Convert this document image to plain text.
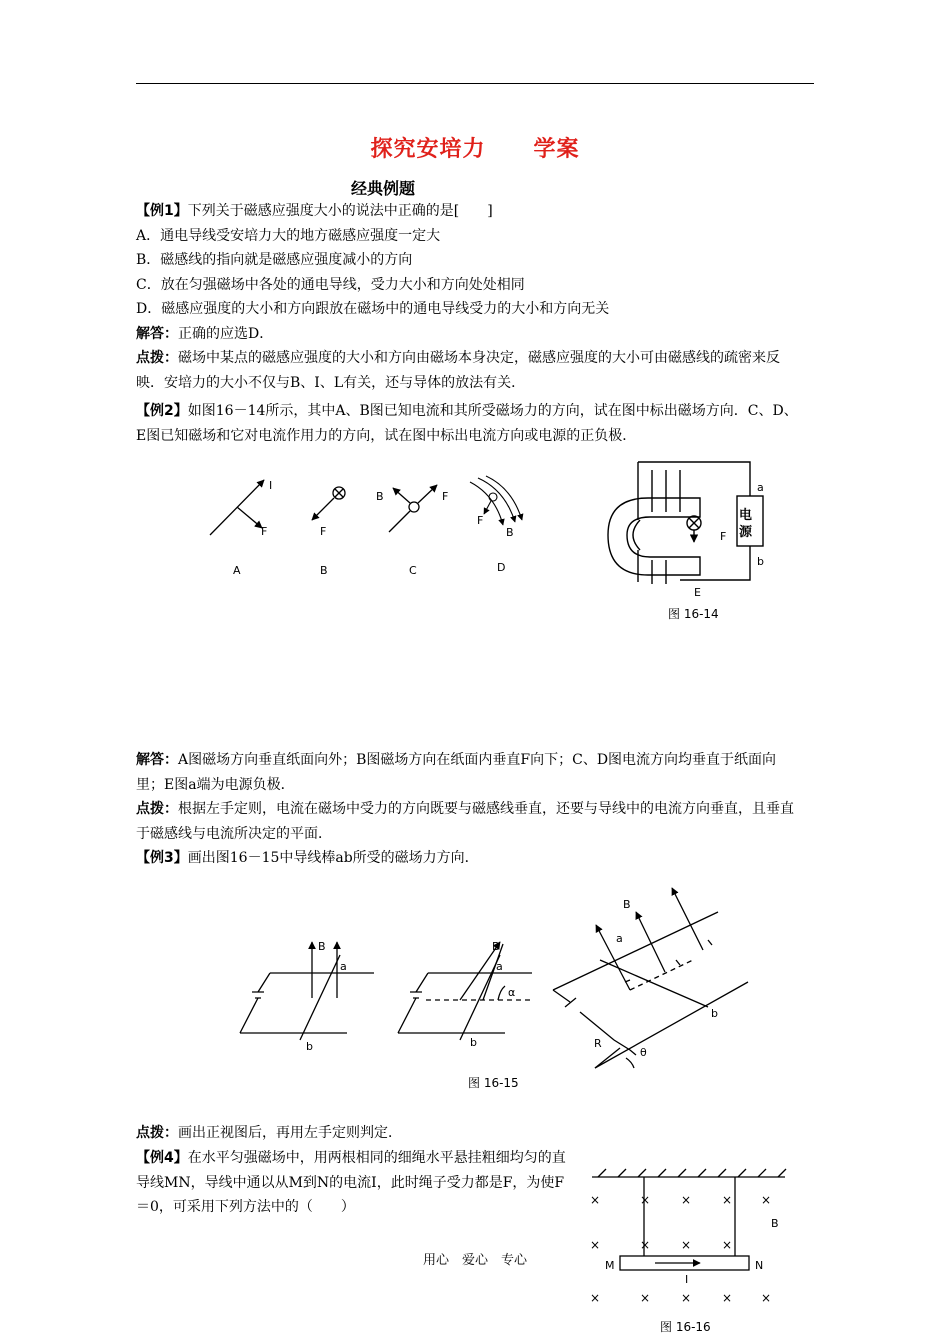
探究安培力 学案
经典例题
【例1】下列关于磁感应强度大小的说法中正确的是[　　]
A．通电导线受安培力大的地方磁感应强度一定大
B．磁感线的指向就是磁感应强度减小的方向
C．放在匀强磁场中各处的通电导线，受力大小和方向处处相同
D．磁感应强度的大小和方向跟放在磁场中的通电导线受力的大小和方向无关
解答：正确的应选D．
点拨：磁场中某点的磁感应强度的大小和方向由磁场本身决定，磁感应强度的大小可由磁感线的疏密来反映．安培力的大小不仅与B、I、L有关，还与导体的放法有关．
【例2】如图16－14所示，其中A、B图已知电流和其所受磁场力的方向，试在图中标出磁场方向．C、D、E图已知磁场和它对电流作用力的方向，试在图中标出电流方向或电源的正负极．
I
F
A
F
B
B	F
C
F
B
D
电
源
a
b
F
E
图 16-14
B
a
b
B
a
α
b
B
a
b
R
θ
图 16-15
M	N
I
B
×	×	×	× ×
×	×	×	×
×	×	×	× ×
图 16-16
解答：A图磁场方向垂直纸面向外；B图磁场方向在纸面内垂直F向下；C、D图电流方向均垂直于纸面向里；E图a端为电源负极．
点拨：根据左手定则，电流在磁场中受力的方向既要与磁感线垂直，还要与导线中的电流方向垂直，且垂直于磁感线与电流所决定的平面．
【例3】画出图16－15中导线棒ab所受的磁场力方向．
点拨：画出正视图后，再用左手定则判定．
【例4】在水平匀强磁场中，用两根相同的细绳水平悬挂粗细均匀的直导线MN，导线中通以从M到N的电流I，此时绳子受力都是F，为使F＝0，可采用下列方法中的（　　）
用心　爱心　专心
